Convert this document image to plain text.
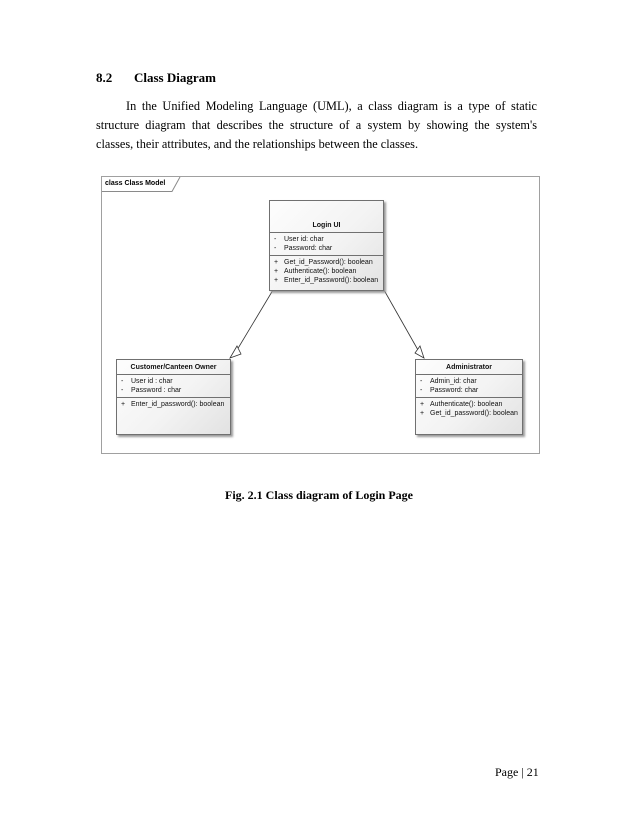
8.2 Class Diagram

In the Unified Modeling Language (UML), a class diagram is a type of static structure diagram that describes the structure of a system by showing the system's classes, their attributes, and the relationships between the classes.

class Class Model
Login UI
- User id: char
- Password: char
+ Get_id_Password(): boolean
+ Authenticate(): boolean
+ Enter_id_Password(): boolean
Customer/Canteen Owner
- User id : char
- Password : char
+ Enter_id_password(): boolean
Administrator
- Admin_id: char
- Password: char
+ Authenticate(): boolean
+ Get_id_password(): boolean
Fig. 2.1 Class diagram of Login Page
Page | 21
